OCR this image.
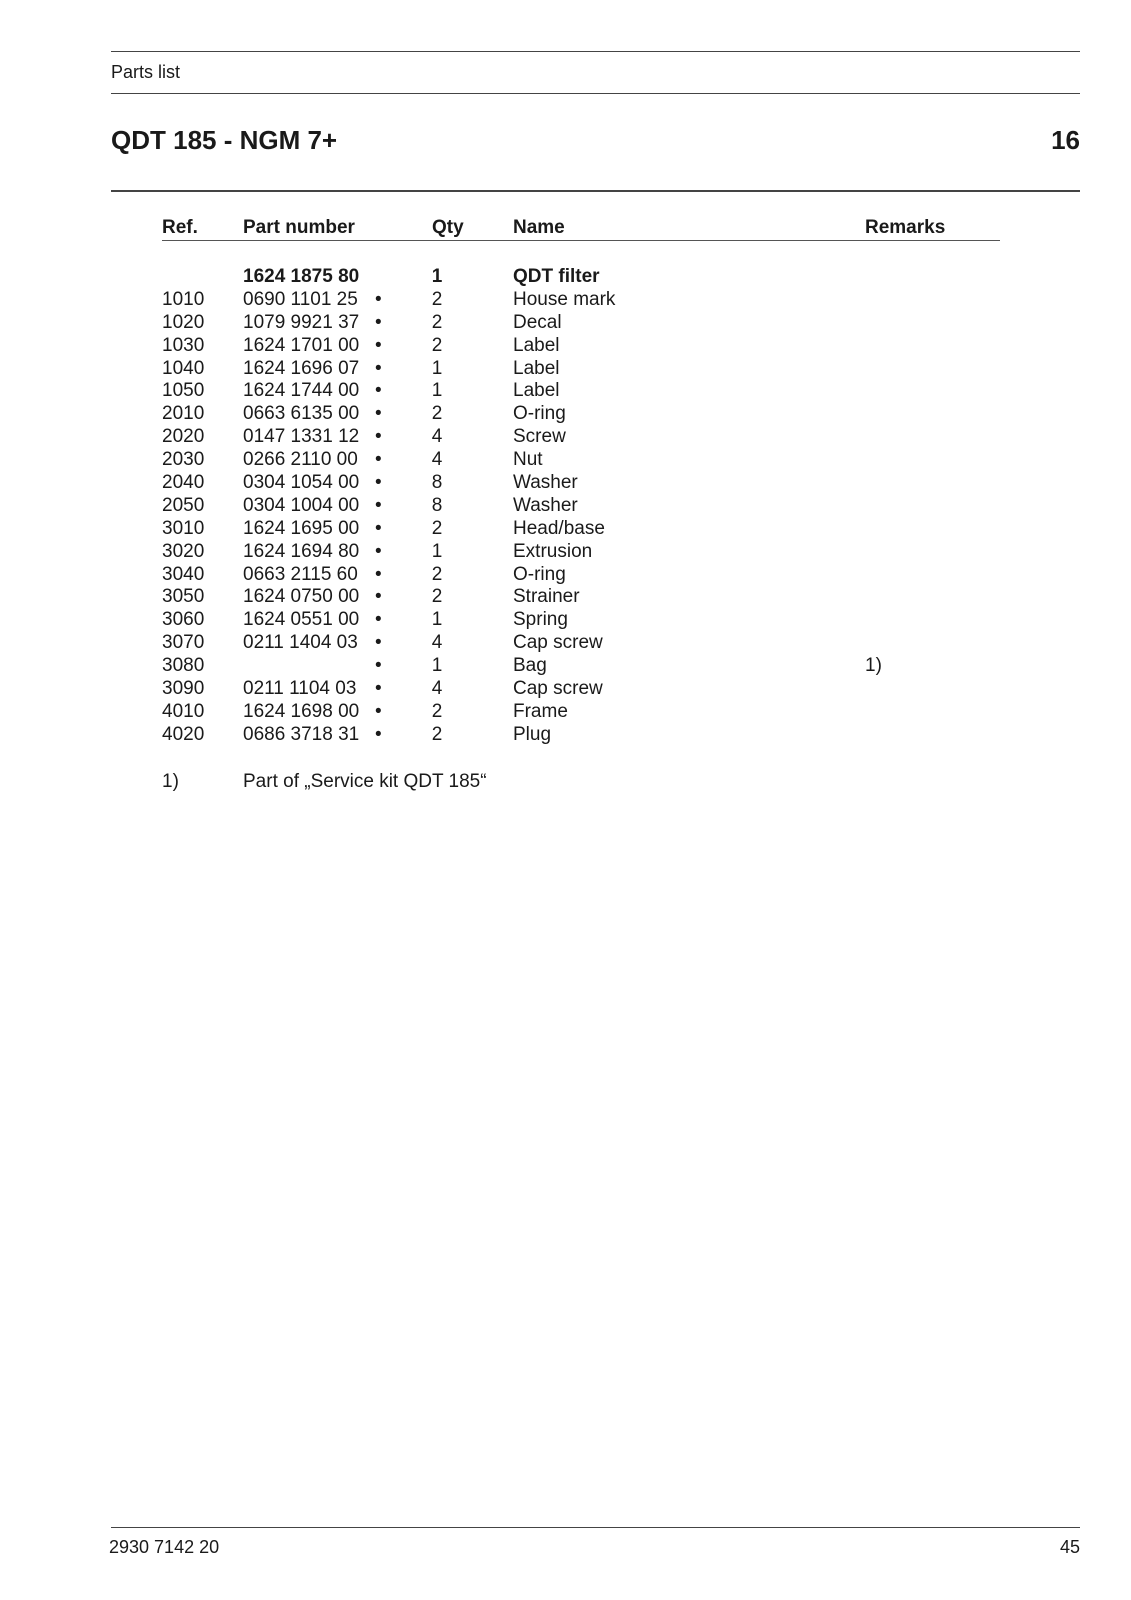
Parts list
QDT 185 - NGM 7+	16
Ref. Part number	Qty	Name	Remarks
1624 1875 80	1	QDT filter
1010 0690 1101 25 •	2	House mark
1020 1079 9921 37 •	2	Decal
1030 1624 1701 00 •	2	Label
1040 1624 1696 07 •	1	Label
1050 1624 1744 00 •	1	Label
2010 0663 6135 00 •	2	O-ring
2020 0147 1331 12 •	4	Screw
2030 0266 2110 00 •	4	Nut
2040 0304 1054 00 •	8	Washer
2050 0304 1004 00 •	8	Washer
3010 1624 1695 00 •	2	Head/base
3020 1624 1694 80 •	1	Extrusion
3040 0663 2115 60 •	2	O-ring
3050 1624 0750 00 •	2	Strainer
3060 1624 0551 00 •	1	Spring
3070 0211 1404 03 •	4	Cap screw
3080	•	1	Bag	1)
3090 0211 1104 03 •	4	Cap screw
4010 1624 1698 00 •	2	Frame
4020 0686 3718 31 •	2	Plug
1)	Part of „Service kit QDT 185“
2930 7142 20	45
